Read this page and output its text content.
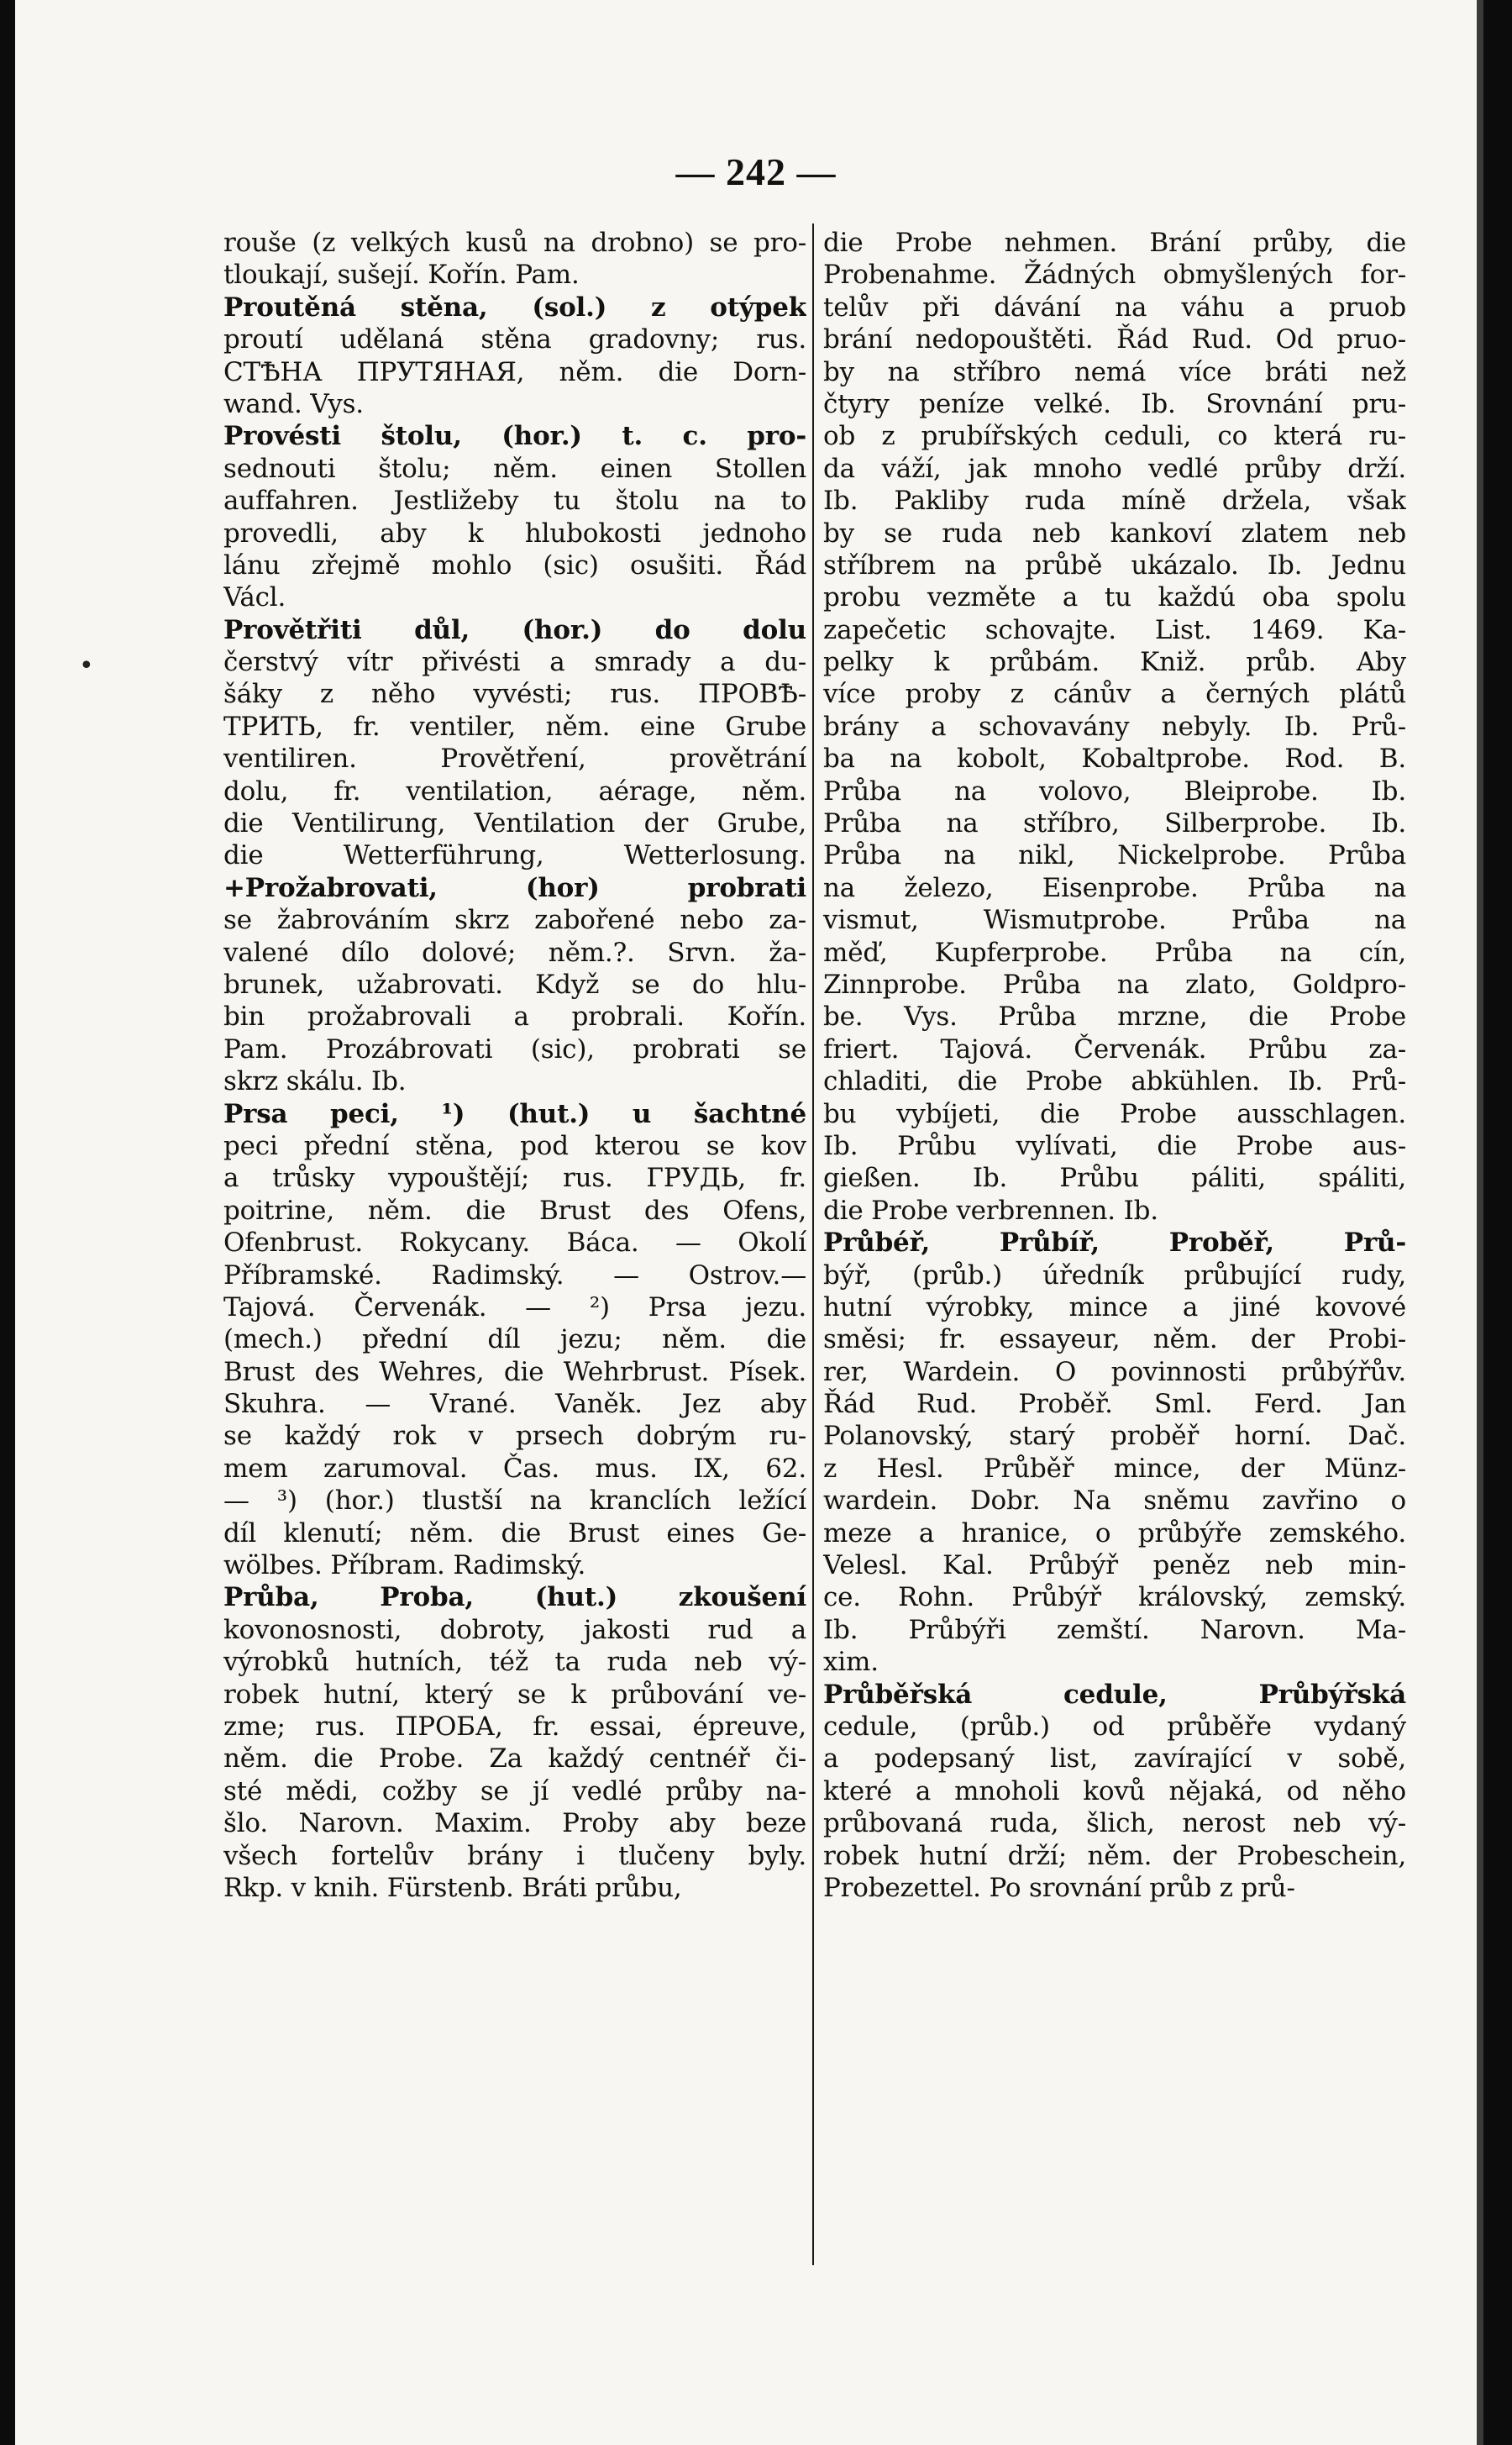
— 242 —
•
rouše (z velkých kusů na drobno) se pro-
tloukají, sušejí. Kořín. Pam.
Proutěná stěna, (sol.) z otýpek
proutí udělaná stěna gradovny; rus.
СТѢНА ПРУТЯНАЯ, něm. die Dorn-
wand. Vys.
Provésti štolu, (hor.) t. c. pro-
sednouti štolu; něm. einen Stollen
auffahren. Jestližeby tu štolu na to
provedli, aby k hlubokosti jednoho
lánu zřejmě mohlo (sic) osušiti. Řád
Václ.
Provětřiti důl, (hor.) do dolu
čerstvý vítr přivésti a smrady a du-
šáky z něho vyvésti; rus. ПРОВѢ-
ТРИТЬ, fr. ventiler, něm. eine Grube
ventiliren. Provětření, provětrání
dolu, fr. ventilation, aérage, něm.
die Ventilirung, Ventilation der Grube,
die Wetterführung, Wetterlosung.
+Prožabrovati, (hor) probrati
se žabrováním skrz zabořené nebo za-
valené dílo dolové; něm.?. Srvn. ža-
brunek, užabrovati. Když se do hlu-
bin prožabrovali a probrali. Kořín.
Pam. Prozábrovati (sic), probrati se
skrz skálu. Ib.
Prsa peci, ¹) (hut.) u šachtné
peci přední stěna, pod kterou se kov
a trůsky vypouštějí; rus. ГРУДЬ, fr.
poitrine, něm. die Brust des Ofens,
Ofenbrust. Rokycany. Báca. — Okolí
Příbramské. Radimský. — Ostrov.—
Tajová. Červenák. — ²) Prsa jezu.
(mech.) přední díl jezu; něm. die
Brust des Wehres, die Wehrbrust. Písek.
Skuhra. — Vrané. Vaněk. Jez aby
se každý rok v prsech dobrým ru-
mem zarumoval. Čas. mus. IX, 62.
— ³) (hor.) tlustší na kranclích ležící
díl klenutí; něm. die Brust eines Ge-
wölbes. Příbram. Radimský.
Průba, Proba, (hut.) zkoušení
kovonosnosti, dobroty, jakosti rud a
výrobků hutních, též ta ruda neb vý-
robek hutní, který se k průbování ve-
zme; rus. ПРОБА, fr. essai, épreuve,
něm. die Probe. Za každý centnéř či-
sté mědi, cožby se jí vedlé průby na-
šlo. Narovn. Maxim. Proby aby beze
všech fortelův brány i tlučeny byly.
Rkp. v knih. Fürstenb. Bráti průbu,
die Probe nehmen. Brání průby, die
Probenahme. Žádných obmyšlených for-
telův při dávání na váhu a pruob
brání nedopouštěti. Řád Rud. Od pruo-
by na stříbro nemá více bráti než
čtyry peníze velké. Ib. Srovnání pru-
ob z prubířských ceduli, co která ru-
da váží, jak mnoho vedlé průby drží.
Ib. Pakliby ruda míně držela, však
by se ruda neb kankoví zlatem neb
stříbrem na průbě ukázalo. Ib. Jednu
probu vezměte a tu každú oba spolu
zapečetic schovajte. List. 1469. Ka-
pelky k průbám. Kniž. průb. Aby
více proby z cánův a černých plátů
brány a schovavány nebyly. Ib. Prů-
ba na kobolt, Kobaltprobe. Rod. B.
Průba na volovo, Bleiprobe. Ib.
Průba na stříbro, Silberprobe. Ib.
Průba na nikl, Nickelprobe. Průba
na železo, Eisenprobe. Průba na
vismut, Wismutprobe. Průba na
měď, Kupferprobe. Průba na cín,
Zinnprobe. Průba na zlato, Goldpro-
be. Vys. Průba mrzne, die Probe
friert. Tajová. Červenák. Průbu za-
chladiti, die Probe abkühlen. Ib. Prů-
bu vybíjeti, die Probe ausschlagen.
Ib. Průbu vylívati, die Probe aus-
gießen. Ib. Průbu páliti, spáliti,
die Probe verbrennen. Ib.
Průbéř, Průbíř, Proběř, Prů-
býř, (průb.) úředník průbující rudy,
hutní výrobky, mince a jiné kovové
směsi; fr. essayeur, něm. der Probi-
rer, Wardein. O povinnosti průbýřův.
Řád Rud. Proběř. Sml. Ferd. Jan
Polanovský, starý proběř horní. Dač.
z Hesl. Průběř mince, der Münz-
wardein. Dobr. Na sněmu zavřino o
meze a hranice, o průbýře zemského.
Velesl. Kal. Průbýř peněz neb min-
ce. Rohn. Průbýř královský, zemský.
Ib. Průbýři zemští. Narovn. Ma-
xim.
Průběřská cedule, Průbýřská
cedule, (průb.) od průběře vydaný
a podepsaný list, zavírající v sobě,
které a mnoholi kovů nějaká, od něho
průbovaná ruda, šlich, nerost neb vý-
robek hutní drží; něm. der Probeschein,
Probezettel. Po srovnání průb z prů-
